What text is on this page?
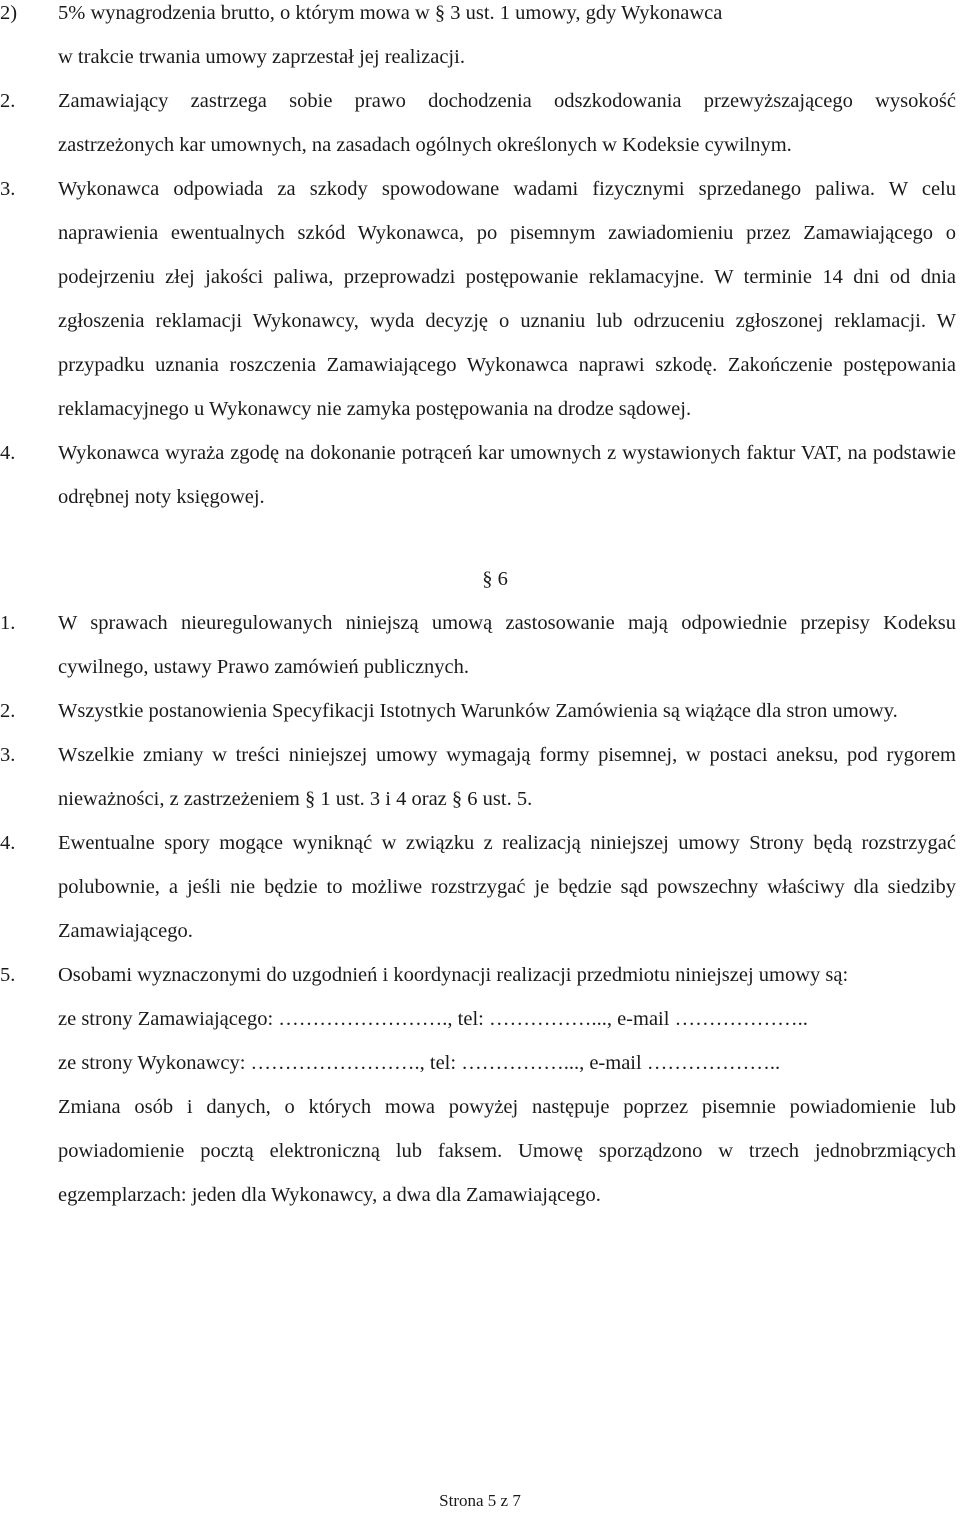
2) 5% wynagrodzenia brutto, o którym mowa w § 3 ust. 1 umowy, gdy Wykonawca
w trakcie trwania umowy zaprzestał jej realizacji.
2. Zamawiający zastrzega sobie prawo dochodzenia odszkodowania przewyższającego wysokość zastrzeżonych kar umownych, na zasadach ogólnych określonych w Kodeksie cywilnym.
3. Wykonawca odpowiada za szkody spowodowane wadami fizycznymi sprzedanego paliwa. W celu naprawienia ewentualnych szkód Wykonawca, po pisemnym zawiadomieniu przez Zamawiającego o podejrzeniu złej jakości paliwa, przeprowadzi postępowanie reklamacyjne. W terminie 14 dni od dnia zgłoszenia reklamacji Wykonawcy, wyda decyzję o uznaniu lub odrzuceniu zgłoszonej reklamacji. W przypadku uznania roszczenia Zamawiającego Wykonawca naprawi szkodę. Zakończenie postępowania reklamacyjnego u Wykonawcy nie zamyka postępowania na drodze sądowej.
4. Wykonawca wyraża zgodę na dokonanie potrąceń kar umownych z wystawionych faktur VAT, na podstawie odrębnej noty księgowej.
§ 6
1. W sprawach nieuregulowanych niniejszą umową zastosowanie mają odpowiednie przepisy Kodeksu cywilnego, ustawy Prawo zamówień publicznych.
2. Wszystkie postanowienia Specyfikacji Istotnych Warunków Zamówienia są wiążące dla stron umowy.
3. Wszelkie zmiany w treści niniejszej umowy wymagają formy pisemnej, w postaci aneksu, pod rygorem nieważności, z zastrzeżeniem § 1 ust. 3 i 4 oraz § 6 ust. 5.
4. Ewentualne spory mogące wyniknąć w związku z realizacją niniejszej umowy Strony będą rozstrzygać polubownie, a jeśli nie będzie to możliwe rozstrzygać je będzie sąd powszechny właściwy dla siedziby Zamawiającego.
5. Osobami wyznaczonymi do uzgodnień i koordynacji realizacji przedmiotu niniejszej umowy są:
ze strony Zamawiającego: ……………………., tel: ……………..., e-mail ………………..
ze strony Wykonawcy: ……………………., tel: ……………..., e-mail ………………..
Zmiana osób i danych, o których mowa powyżej następuje poprzez pisemnie powiadomienie lub powiadomienie pocztą elektroniczną lub faksem. Umowę sporządzono w trzech jednobrzmiących egzemplarzach: jeden dla Wykonawcy, a dwa dla Zamawiającego.
Strona 5 z 7
